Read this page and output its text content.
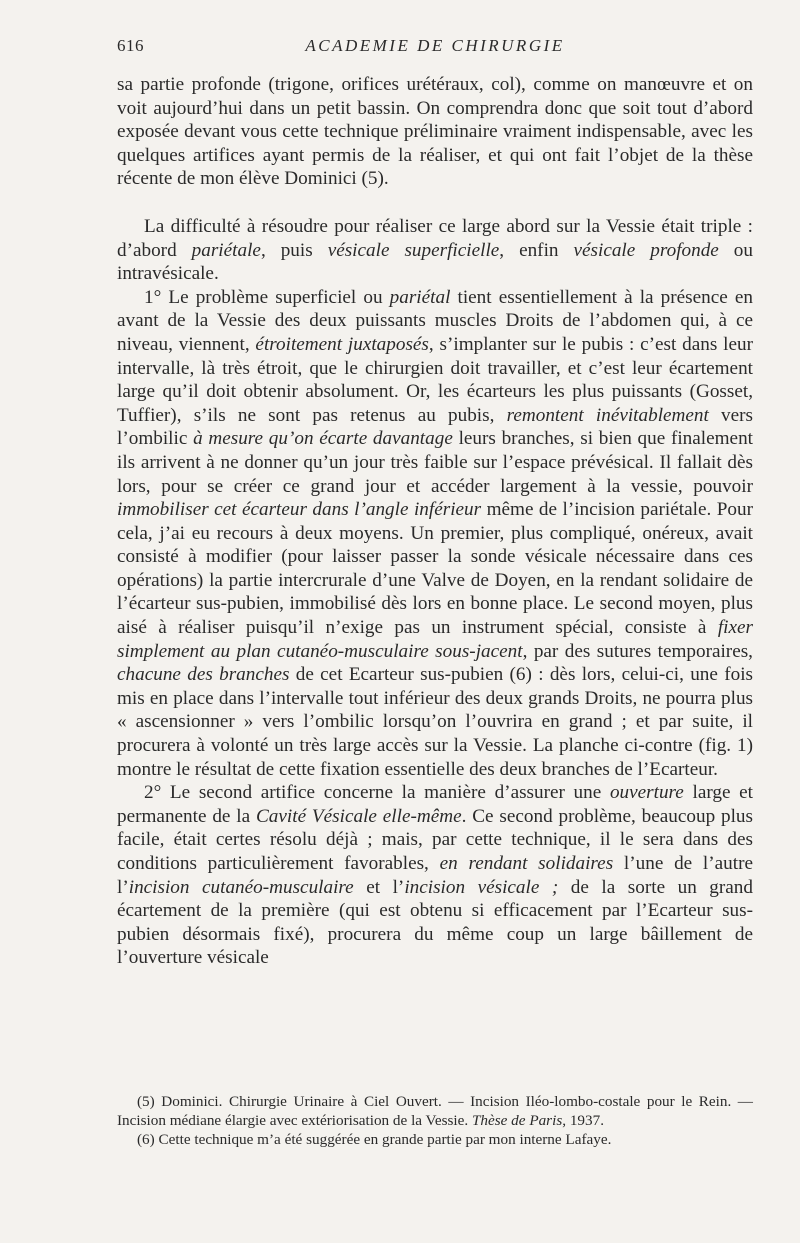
616	ACADEMIE DE CHIRURGIE

sa partie profonde (trigone, orifices urétéraux, col), comme on manœuvre et on voit aujourd’hui dans un petit bassin. On comprendra donc que soit tout d’abord exposée devant vous cette technique préliminaire vraiment indispensable, avec les quelques artifices ayant permis de la réaliser, et qui ont fait l’objet de la thèse récente de mon élève Dominici (5).

La difficulté à résoudre pour réaliser ce large abord sur la Vessie était triple : d’abord pariétale, puis vésicale superficielle, enfin vésicale profonde ou intravésicale.

1° Le problème superficiel ou pariétal tient essentiellement à la présence en avant de la Vessie des deux puissants muscles Droits de l’abdomen qui, à ce niveau, viennent, étroitement juxtaposés, s’implanter sur le pubis : c’est dans leur intervalle, là très étroit, que le chirurgien doit travailler, et c’est leur écartement large qu’il doit obtenir absolument. Or, les écarteurs les plus puissants (Gosset, Tuffier), s’ils ne sont pas retenus au pubis, remontent inévitablement vers l’ombilic à mesure qu’on écarte davantage leurs branches, si bien que finalement ils arrivent à ne donner qu’un jour très faible sur l’espace prévésical. Il fallait dès lors, pour se créer ce grand jour et accéder largement à la vessie, pouvoir immobiliser cet écarteur dans l’angle inférieur même de l’incision pariétale. Pour cela, j’ai eu recours à deux moyens. Un premier, plus compliqué, onéreux, avait consisté à modifier (pour laisser passer la sonde vésicale nécessaire dans ces opérations) la partie intercrurale d’une Valve de Doyen, en la rendant solidaire de l’écarteur sus-pubien, immobilisé dès lors en bonne place. Le second moyen, plus aisé à réaliser puisqu’il n’exige pas un instrument spécial, consiste à fixer simplement au plan cutanéo-musculaire sous-jacent, par des sutures temporaires, chacune des branches de cet Ecarteur sus-pubien (6) : dès lors, celui-ci, une fois mis en place dans l’intervalle tout inférieur des deux grands Droits, ne pourra plus « ascensionner » vers l’ombilic lorsqu’on l’ouvrira en grand ; et par suite, il procurera à volonté un très large accès sur la Vessie. La planche ci-contre (fig. 1) montre le résultat de cette fixation essentielle des deux branches de l’Ecarteur.

2° Le second artifice concerne la manière d’assurer une ouverture large et permanente de la Cavité Vésicale elle-même. Ce second problème, beaucoup plus facile, était certes résolu déjà ; mais, par cette technique, il le sera dans des conditions particulièrement favorables, en rendant solidaires l’une de l’autre l’incision cutanéo-musculaire et l’incision vésicale ; de la sorte un grand écartement de la première (qui est obtenu si efficacement par l’Ecarteur sus-pubien désormais fixé), procurera du même coup un large bâillement de l’ouverture vésicale

(5) Dominici. Chirurgie Urinaire à Ciel Ouvert. — Incision Iléo-lombo-costale pour le Rein. — Incision médiane élargie avec extériorisation de la Vessie. Thèse de Paris, 1937.

(6) Cette technique m’a été suggérée en grande partie par mon interne Lafaye.
